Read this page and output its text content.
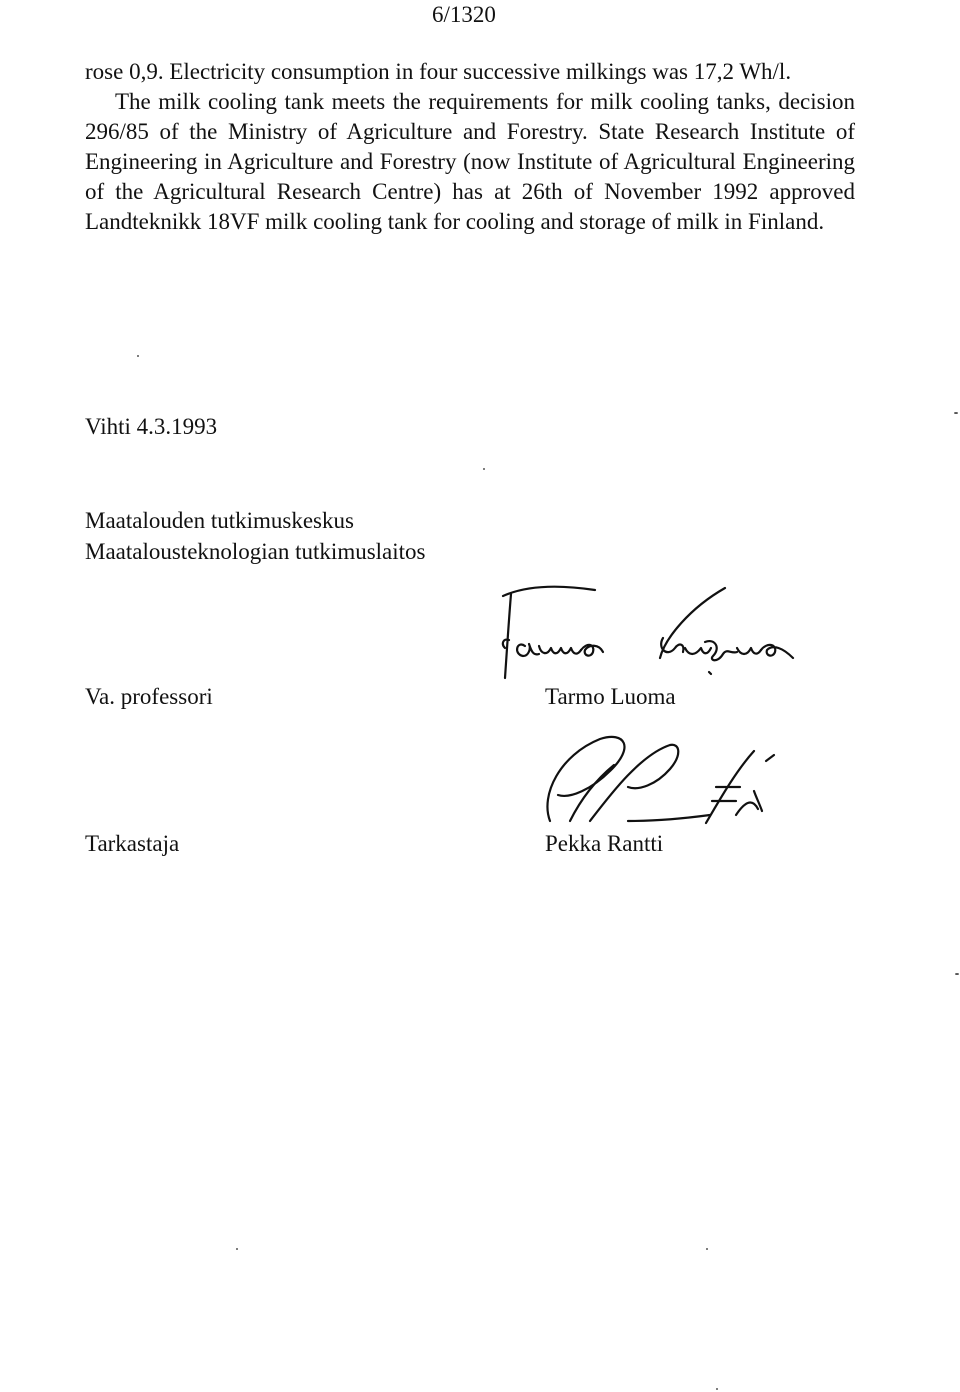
6/1320

rose 0,9. Electricity consumption in four successive milkings was 17,2 Wh/l.

The milk cooling tank meets the requirements for milk cooling tanks, decision 296/85 of the Ministry of Agriculture and Forestry. State Research Institute of Engineering in Agriculture and Forestry (now Institute of Agricultural Engineering of the Agricultural Research Centre) has at 26th of November 1992 approved Landteknikk 18VF milk cooling tank for cooling and storage of milk in Finland.

Vihti 4.3.1993
Maatalouden tutkimuskeskus
Maatalousteknologian tutkimuslaitos
Va. professori	Tarmo Luoma
Tarkastaja	Pekka Rantti
